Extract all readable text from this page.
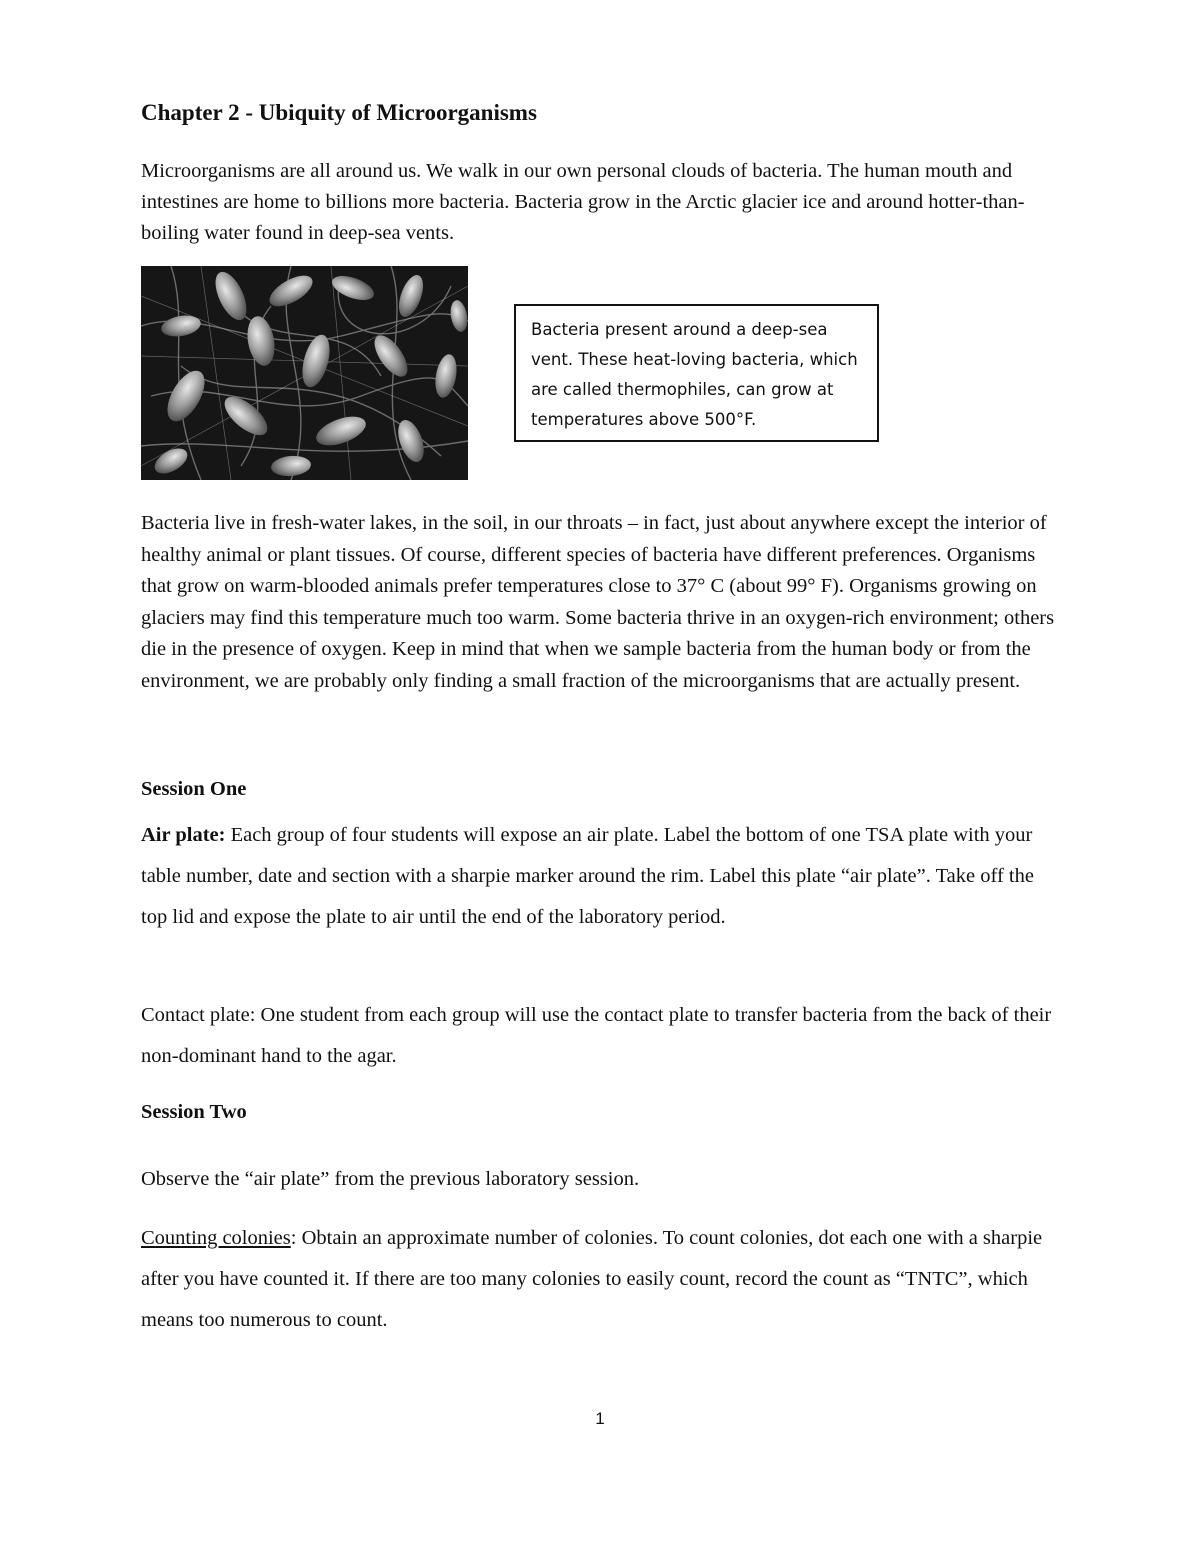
Chapter 2 - Ubiquity of Microorganisms

Microorganisms are all around us. We walk in our own personal clouds of bacteria. The human mouth and intestines are home to billions more bacteria. Bacteria grow in the Arctic glacier ice and around hotter-than-boiling water found in deep-sea vents.

Bacteria present around a deep-sea vent. These heat-loving bacteria, which are called thermophiles, can grow at temperatures above 500°F.

Bacteria live in fresh-water lakes, in the soil, in our throats – in fact, just about anywhere except the interior of healthy animal or plant tissues. Of course, different species of bacteria have different preferences. Organisms that grow on warm-blooded animals prefer temperatures close to 37° C (about 99° F). Organisms growing on glaciers may find this temperature much too warm. Some bacteria thrive in an oxygen-rich environment; others die in the presence of oxygen. Keep in mind that when we sample bacteria from the human body or from the environment, we are probably only finding a small fraction of the microorganisms that are actually present.

Session One

Air plate: Each group of four students will expose an air plate. Label the bottom of one TSA plate with your table number, date and section with a sharpie marker around the rim. Label this plate “air plate”. Take off the top lid and expose the plate to air until the end of the laboratory period.

Contact plate: One student from each group will use the contact plate to transfer bacteria from the back of their non-dominant hand to the agar.

Session Two

Observe the “air plate” from the previous laboratory session.

Counting colonies: Obtain an approximate number of colonies. To count colonies, dot each one with a sharpie after you have counted it. If there are too many colonies to easily count, record the count as “TNTC”, which means too numerous to count.

1
